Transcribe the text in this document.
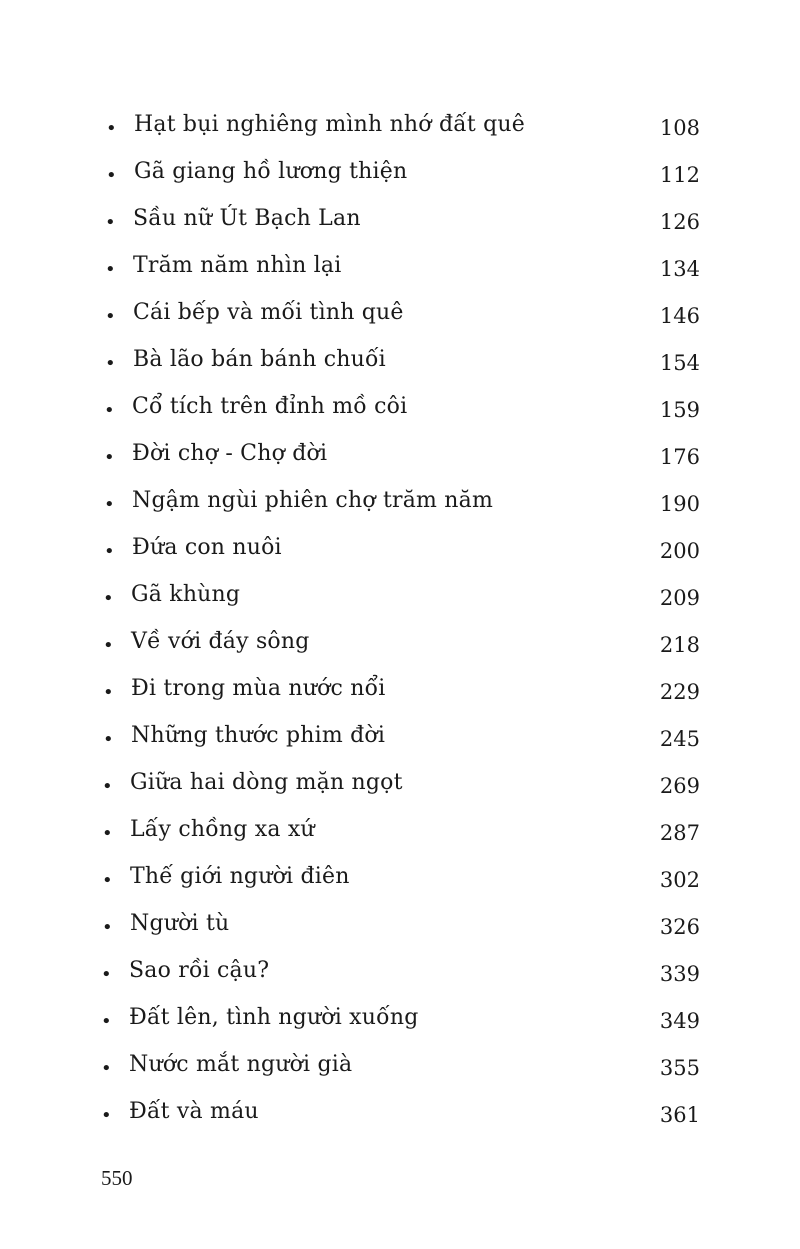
• Hạt bụi nghiêng mình nhớ đất quê	108
• Gã giang hồ lương thiện	112
• Sầu nữ Út Bạch Lan	126
• Trăm năm nhìn lại	134
• Cái bếp và mối tình quê	146
• Bà lão bán bánh chuối	154
• Cổ tích trên đỉnh mồ côi	159
• Đời chợ - Chợ đời	176
• Ngậm ngùi phiên chợ trăm năm	190
• Đứa con nuôi	200
• Gã khùng	209
• Về với đáy sông	218
• Đi trong mùa nước nổi	229
• Những thước phim đời	245
• Giữa hai dòng mặn ngọt	269
• Lấy chồng xa xứ	287
• Thế giới người điên	302
• Người tù	326
• Sao rồi cậu?	339
• Đất lên, tình người xuống	349
• Nước mắt người già	355
• Đất và máu	361
550
